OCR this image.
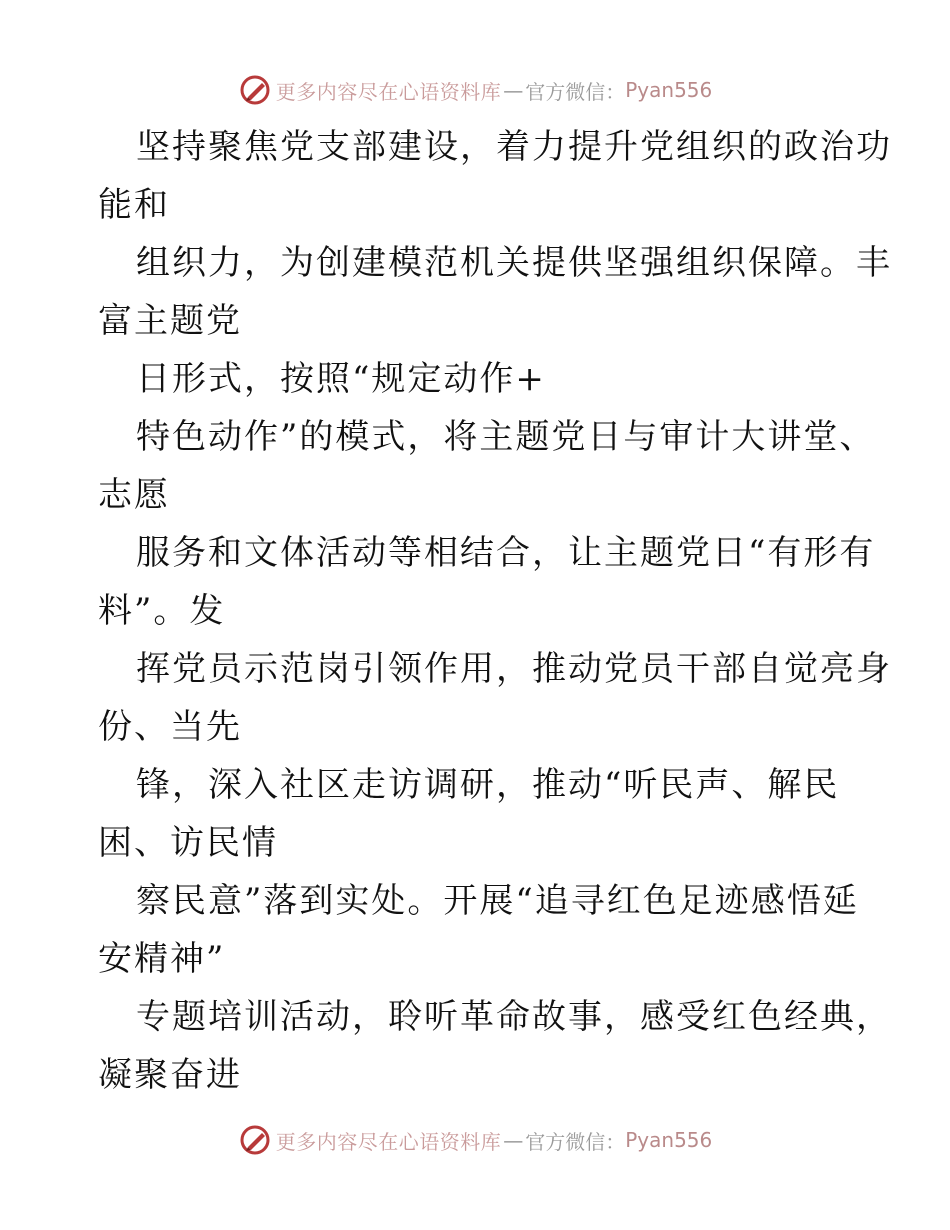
更多内容尽在心语资料库 — 官方微信： Pyan556
坚持聚焦党支部建设，着力提升党组织的政治功
能和
组织力，为创建模范机关提供坚强组织保障。丰
富主题党
日形式，按照“规定动作+
特色动作”的模式，将主题党日与审计大讲堂、
志愿
服务和文体活动等相结合，让主题党日“有形有
料”。发
挥党员示范岗引领作用，推动党员干部自觉亮身
份、当先
锋，深入社区走访调研，推动“听民声、解民
困、访民情
察民意”落到实处。开展“追寻红色足迹感悟延
安精神”
专题培训活动，聆听革命故事，感受红色经典，
凝聚奋进
更多内容尽在心语资料库 — 官方微信： Pyan556
